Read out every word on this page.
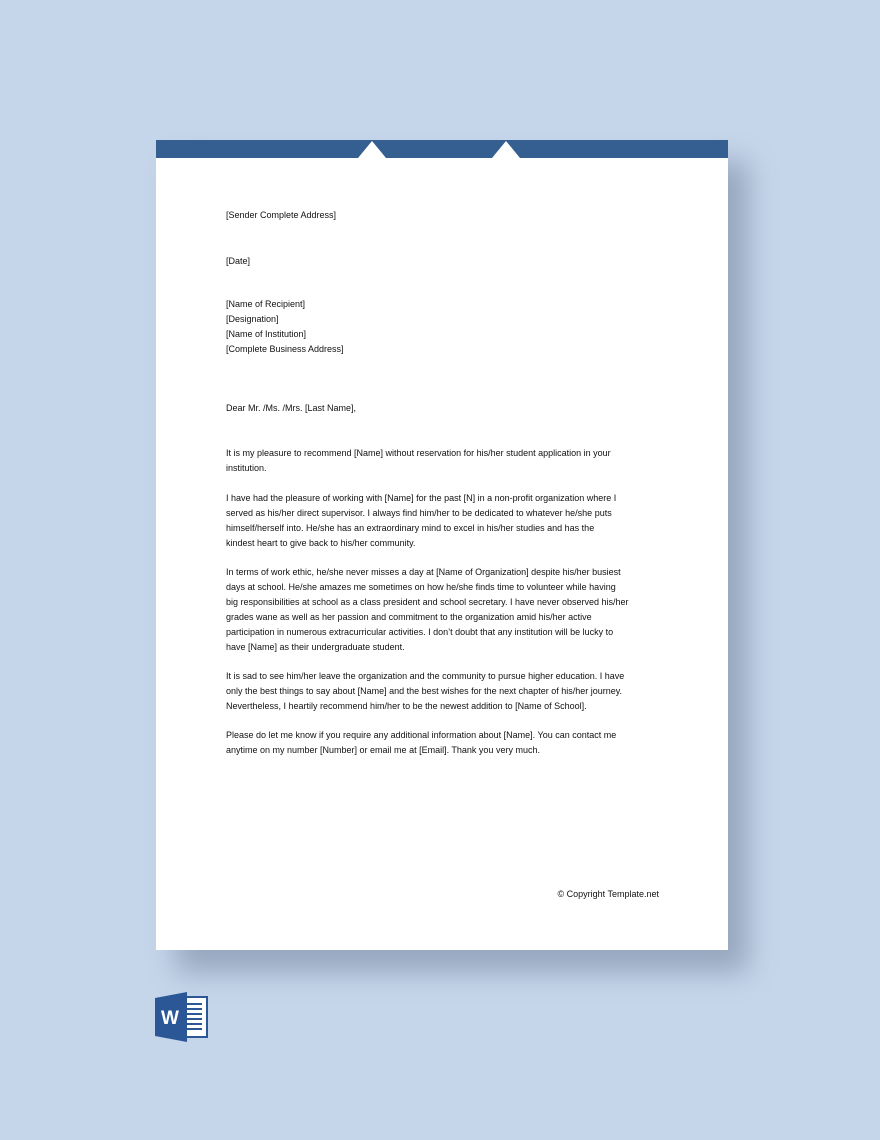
[Sender Complete Address]
[Date]
[Name of Recipient]
[Designation]
[Name of Institution]
[Complete Business Address]
Dear Mr. /Ms. /Mrs. [Last Name],
It is my pleasure to recommend [Name] without reservation for his/her student application in your
institution.
I have had the pleasure of working with [Name] for the past [N] in a non-profit organization where I
served as his/her direct supervisor. I always find him/her to be dedicated to whatever he/she puts
himself/herself into. He/she has an extraordinary mind to excel in his/her studies and has the
kindest heart to give back to his/her community.
In terms of work ethic, he/she never misses a day at [Name of Organization] despite his/her busiest
days at school. He/she amazes me sometimes on how he/she finds time to volunteer while having
big responsibilities at school as a class president and school secretary. I have never observed his/her
grades wane as well as her passion and commitment to the organization amid his/her active
participation in numerous extracurricular activities. I don’t doubt that any institution will be lucky to
have [Name] as their undergraduate student.
It is sad to see him/her leave the organization and the community to pursue higher education. I have
only the best things to say about [Name] and the best wishes for the next chapter of his/her journey.
Nevertheless, I heartily recommend him/her to be the newest addition to [Name of School].
Please do let me know if you require any additional information about [Name]. You can contact me
anytime on my number [Number] or email me at [Email]. Thank you very much.
© Copyright Template.net
W
